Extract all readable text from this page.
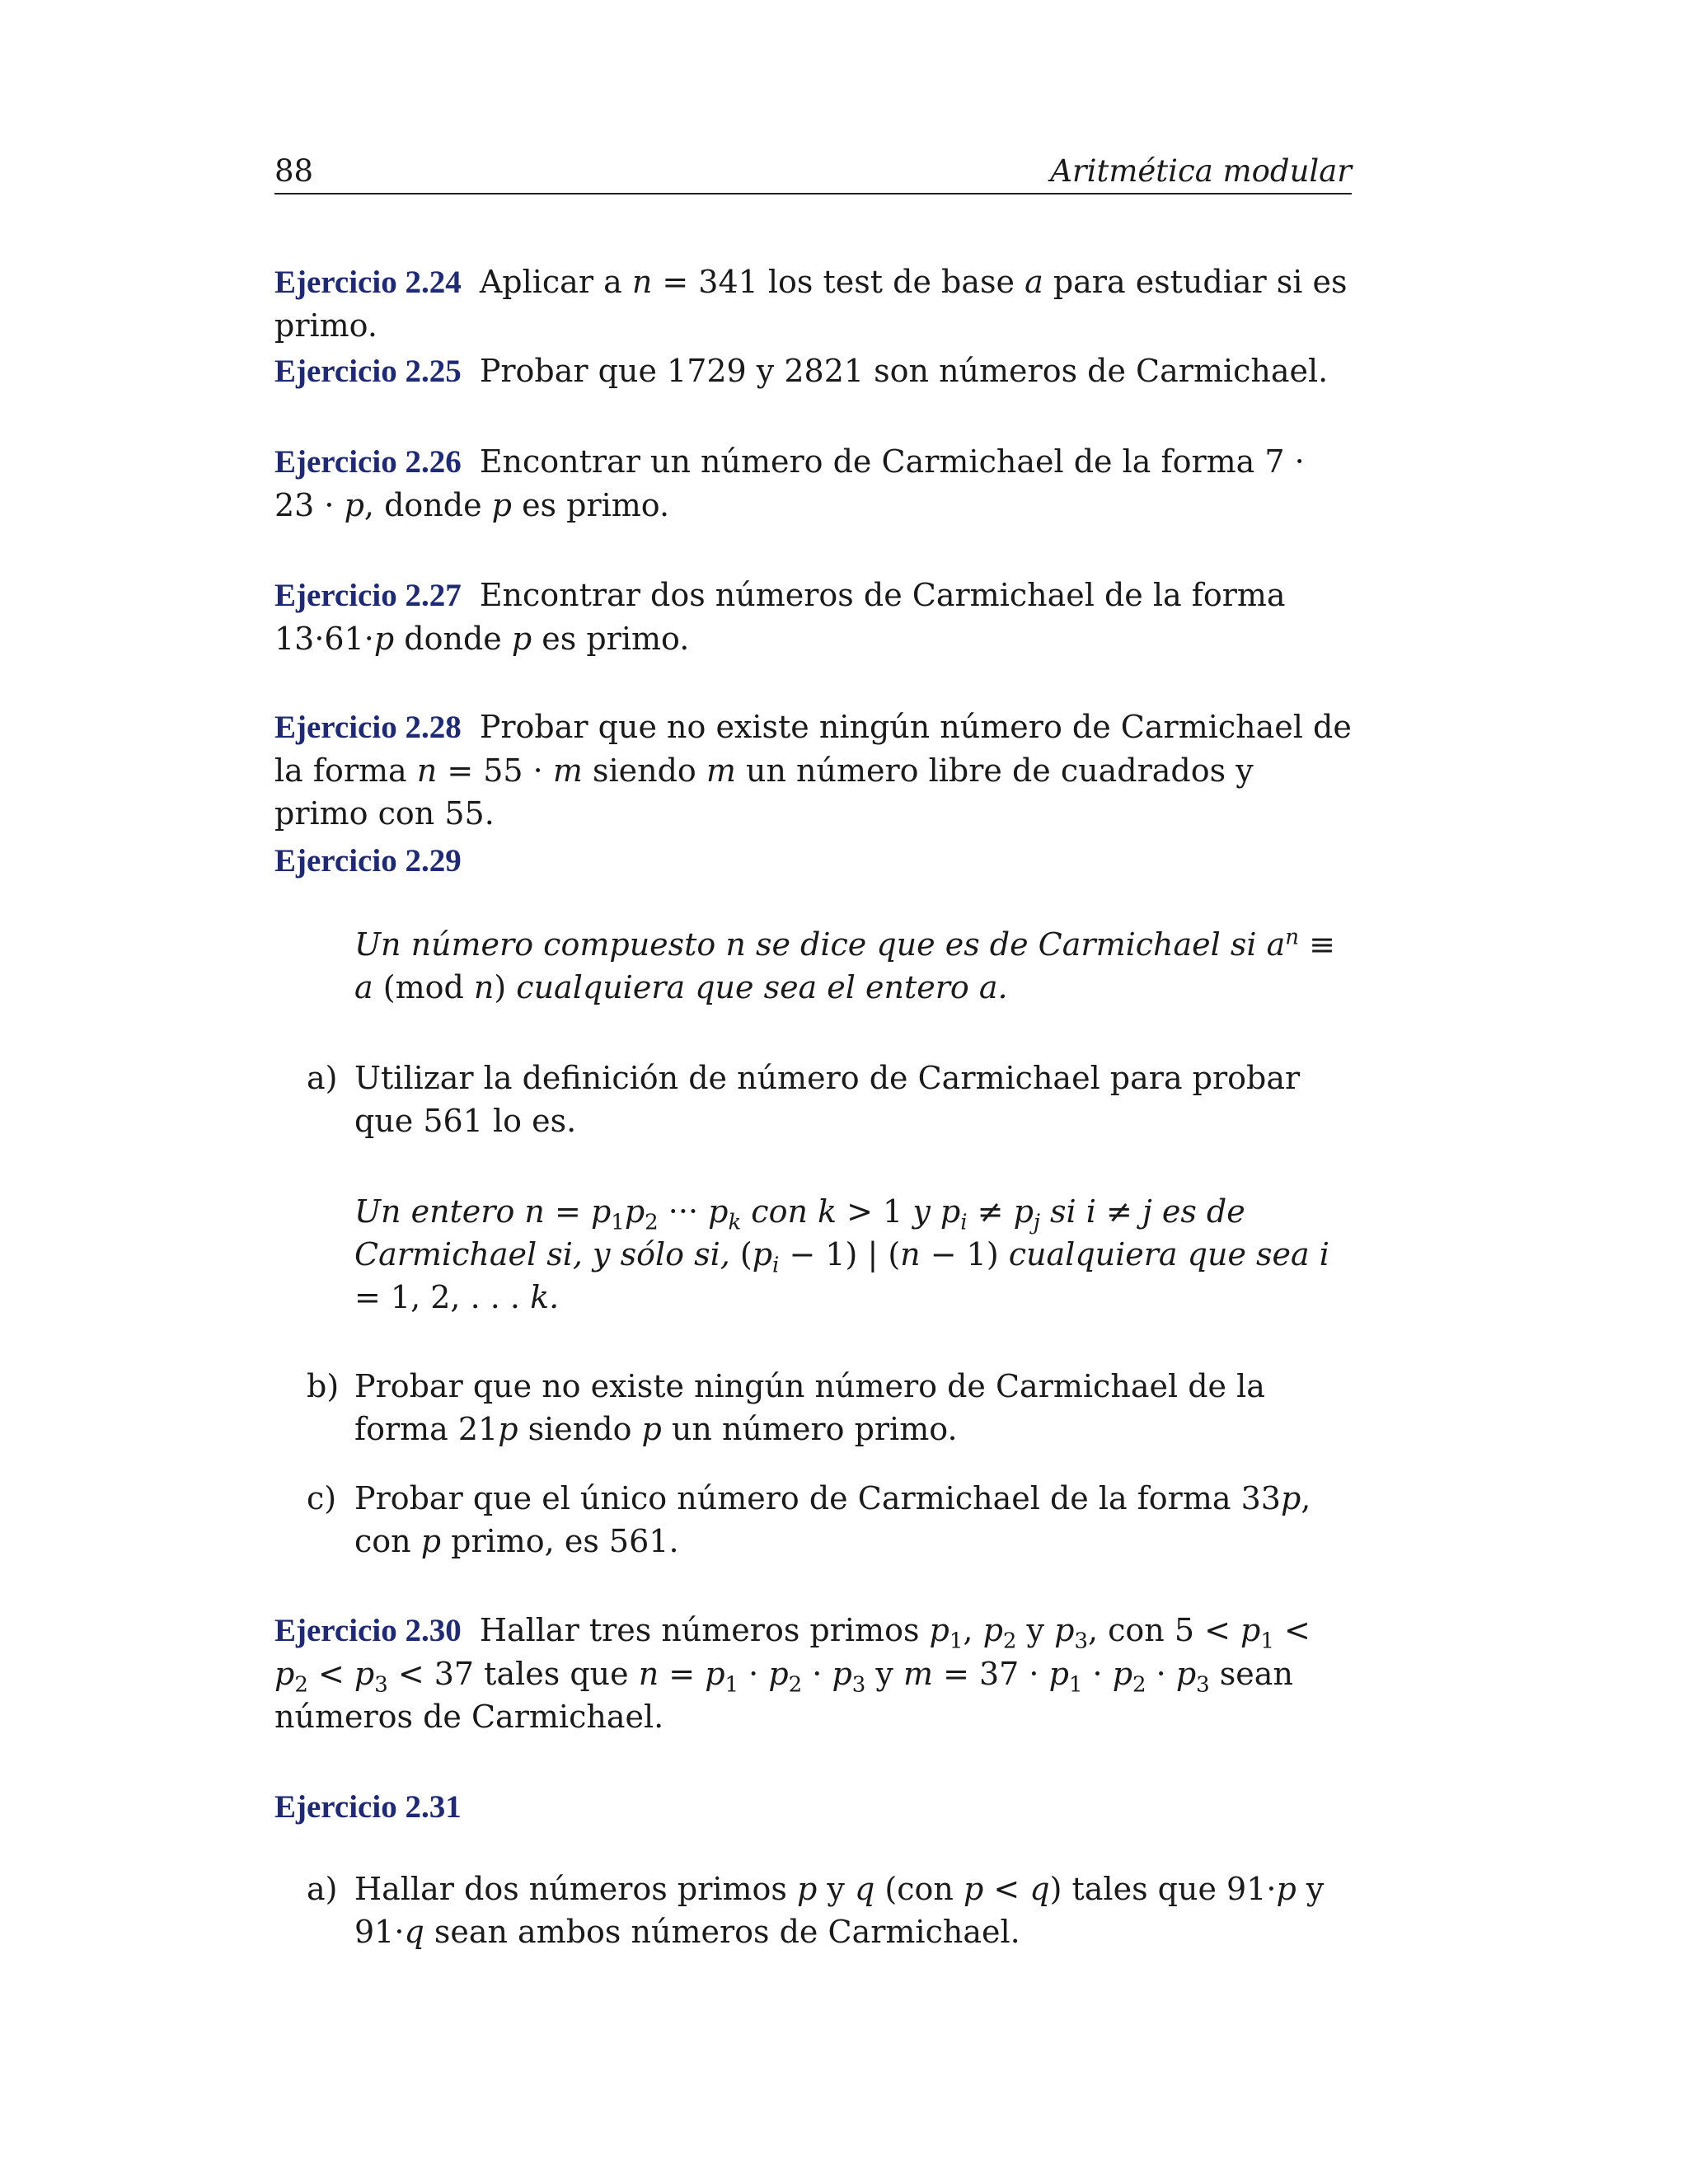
88	Aritmética modular
Ejercicio 2.24 Aplicar a n = 341 los test de base a para estudiar si es primo.
Ejercicio 2.25 Probar que 1729 y 2821 son números de Carmichael.
Ejercicio 2.26 Encontrar un número de Carmichael de la forma 7 · 23 · p, donde p es primo.
Ejercicio 2.27 Encontrar dos números de Carmichael de la forma 13·61·p donde p es primo.
Ejercicio 2.28 Probar que no existe ningún número de Carmichael de la forma n = 55 · m siendo m un número libre de cuadrados y primo con 55.
Ejercicio 2.29
Un número compuesto n se dice que es de Carmichael si $a^n \equiv a$ (mod n) cualquiera que sea el entero a.
a) Utilizar la definición de número de Carmichael para probar que 561 lo es.
Un entero $n = p_1p_2$ ··· $p_k$ con k > 1 y $p_i \ne p_j$ si i ≠ j es de Carmichael si, y sólo si, $(p_i - 1)$ | (n − 1) cualquiera que sea i = 1, 2, . . . k.
b) Probar que no existe ningún número de Carmichael de la forma 21p siendo p un número primo.
c) Probar que el único número de Carmichael de la forma 33p, con p primo, es 561.
Ejercicio 2.30 Hallar tres números primos $p_1$, $p_2$ y $p_3$, con $5 < p_1 < p_2 < p_3 < 37$ tales que $n = p_1 \cdot p_2 \cdot p_3$ y $m = 37 \cdot p_1 \cdot p_2 \cdot p_3$ sean números de Carmichael.
Ejercicio 2.31
a) Hallar dos números primos p y q (con p < q) tales que 91·p y 91·q sean ambos números de Carmichael.
